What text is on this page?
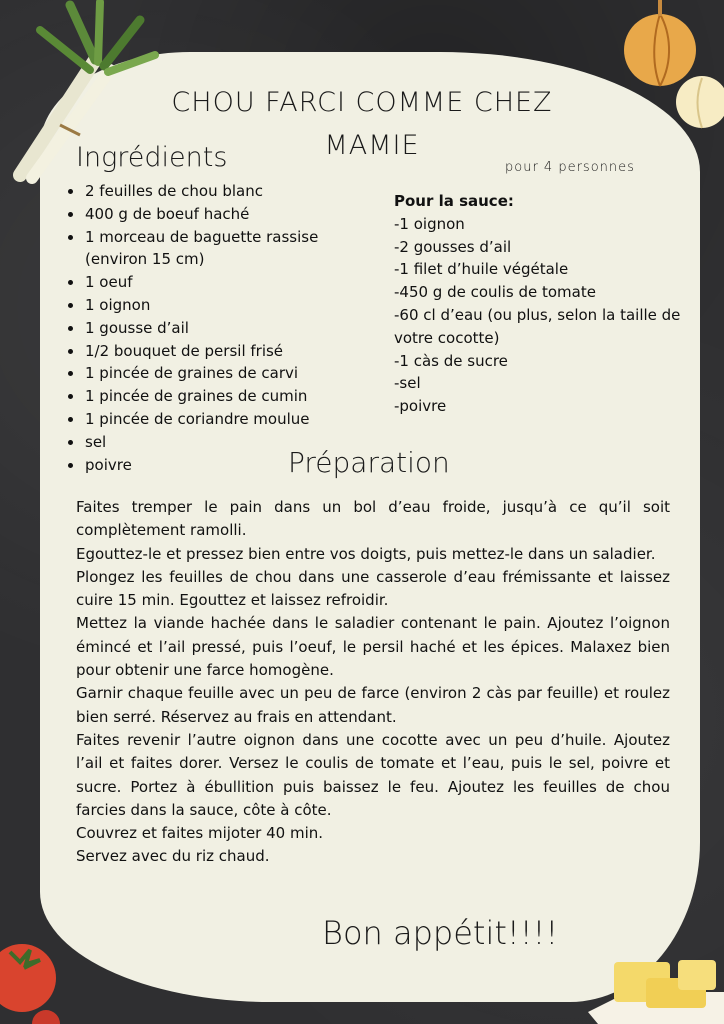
CHOU FARCI COMME CHEZ
MAMIE
Ingrédients	pour 4 personnes
• 2 feuilles de chou blanc
• 400 g de boeuf haché
• 1 morceau de baguette rassise (environ 15 cm)
• 1 oeuf
• 1 oignon
• 1 gousse d’ail
• 1/2 bouquet de persil frisé
• 1 pincée de graines de carvi
• 1 pincée de graines de cumin
• 1 pincée de coriandre moulue
• sel
• poivre
Pour la sauce:
-1 oignon
-2 gousses d’ail
-1 filet d’huile végétale
-450 g de coulis de tomate
-60 cl d’eau (ou plus, selon la taille de votre cocotte)
-1 càs de sucre
-sel
-poivre
Préparation

Faites tremper le pain dans un bol d’eau froide, jusqu’à ce qu’il soit complètement ramolli.

Egouttez-le et pressez bien entre vos doigts, puis mettez-le dans un saladier.

Plongez les feuilles de chou dans une casserole d’eau frémissante et laissez cuire 15 min. Egouttez et laissez refroidir.

Mettez la viande hachée dans le saladier contenant le pain. Ajoutez l’oignon émincé et l’ail pressé, puis l’oeuf, le persil haché et les épices. Malaxez bien pour obtenir une farce homogène.

Garnir chaque feuille avec un peu de farce (environ 2 càs par feuille) et roulez bien serré. Réservez au frais en attendant.

Faites revenir l’autre oignon dans une cocotte avec un peu d’huile. Ajoutez l’ail et faites dorer. Versez le coulis de tomate et l’eau, puis le sel, poivre et sucre. Portez à ébullition puis baissez le feu. Ajoutez les feuilles de chou farcies dans la sauce, côte à côte.

Couvrez et faites mijoter 40 min.

Servez avec du riz chaud.

Bon appétit!!!!
